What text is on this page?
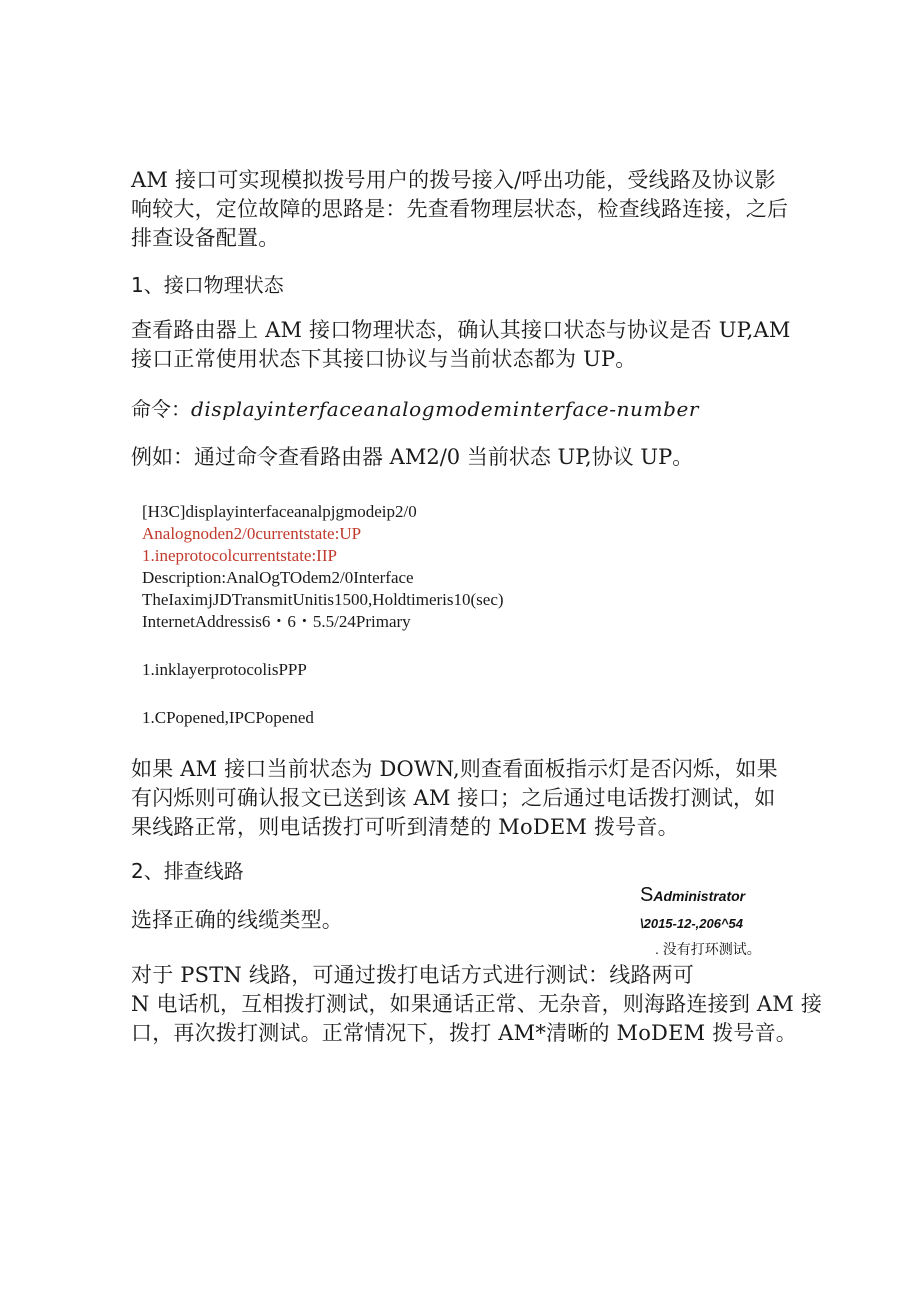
AM 接口可实现模拟拨号用户的拨号接入/呼出功能，受线路及协议影响较大，定位故障的思路是：先查看物理层状态，检查线路连接，之后排查设备配置。
1、接口物理状态
查看路由器上 AM 接口物理状态，确认其接口状态与协议是否 UP,AM 接口正常使用状态下其接口协议与当前状态都为 UP。
命令：displayinterfaceanalogmodeminterface-number
例如：通过命令查看路由器 AM2/0 当前状态 UP,协议 UP。
[H3C]displayinterfaceanalpjgmodeip2/0
Analognoden2/0currentstate:UP
1.ineprotocolcurrentstate:IIP
Description:AnalOgTOdem2/0Interface
TheIaximjJDTransmitUnitis1500,Holdtimeris10(sec)
InternetAddressis6・6・5.5/24Primary
1.inklayerprotocolisPPP
1.CPopened,IPCPopened
如果 AM 接口当前状态为 DOWN,则查看面板指示灯是否闪烁，如果有闪烁则可确认报文已送到该 AM 接口；之后通过电话拨打测试，如果线路正常，则电话拨打可听到清楚的 MoDEM 拨号音。
2、排查线路
选择正确的线缆类型。
SAdministrator
\2015-12-,206^54
. 没有打环测试。
对于 PSTN 线路，可通过拨打电话方式进行测试：线路两可
N 电话机，互相拨打测试，如果通话正常、无杂音，则海路连接到 AM 接
口，再次拨打测试。正常情况下，拨打 AM*清晰的 MoDEM 拨号音。
